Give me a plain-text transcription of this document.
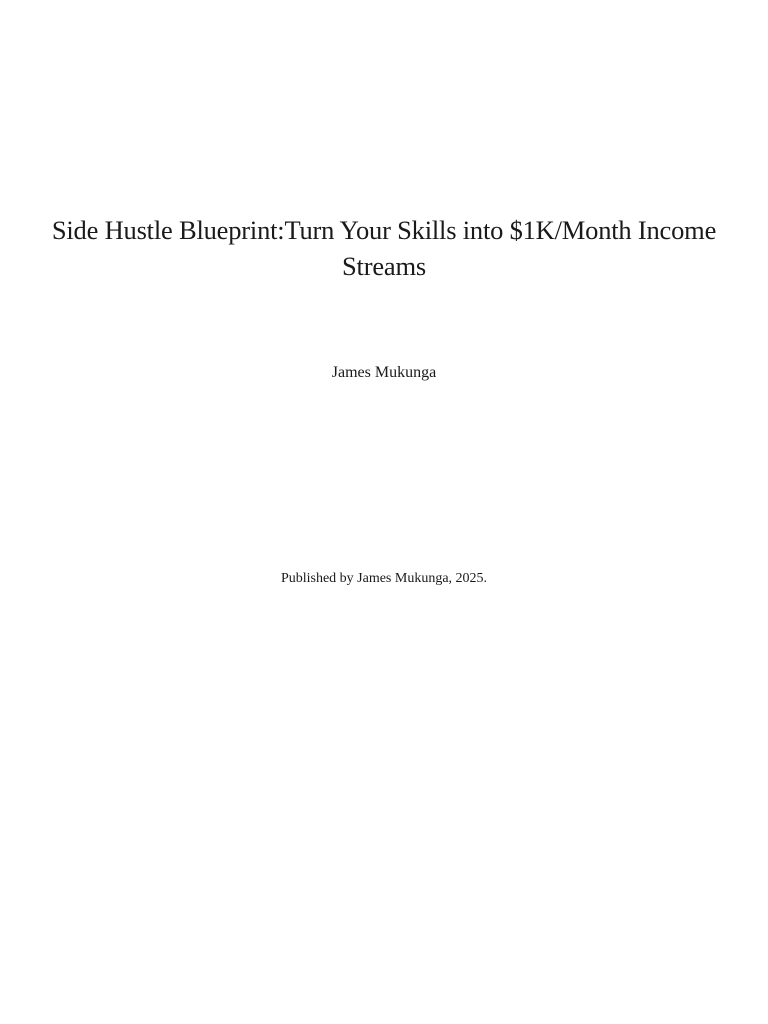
Side Hustle Blueprint:Turn Your Skills into $1K/Month Income Streams

James Mukunga

Published by James Mukunga, 2025.
